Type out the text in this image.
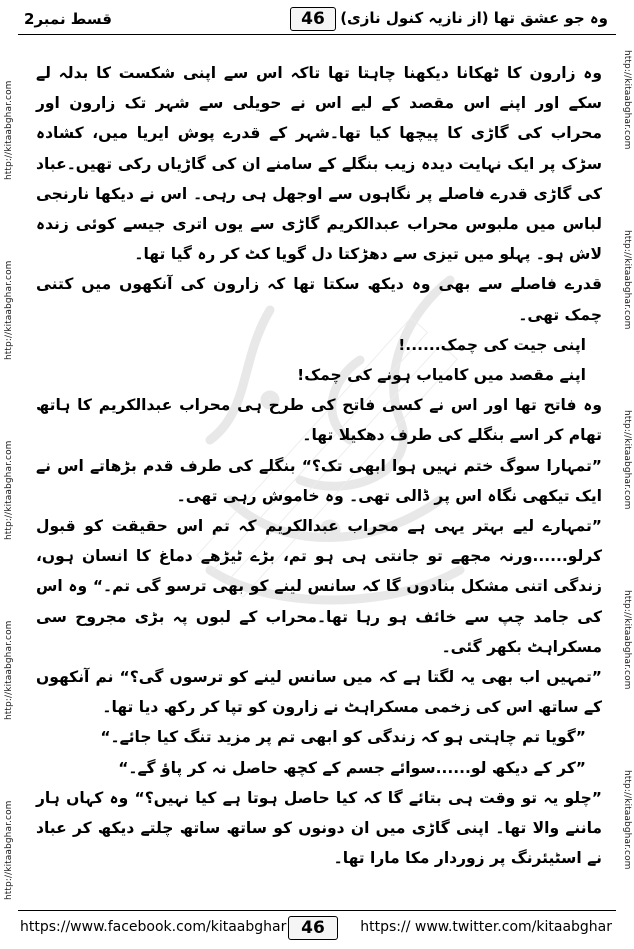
http://kitaabghar.com
http://kitaabghar.com
http://kitaabghar.com
http://kitaabghar.com
http://kitaabghar.com
http://kitaabghar.com
http://kitaabghar.com
http://kitaabghar.com
http://kitaabghar.com
http://kitaabghar.com
قسط نمبر2	46	وہ جو عشق تھا (از نازیہ کنول نازی)

وہ زارون کا ٹھکانا دیکھنا چاہتا تھا تاکہ اس سے اپنی شکست کا بدلہ لے سکے اور اپنے اس مقصد کے لیے اس نے حویلی سے شہر تک زارون اور محراب کی گاڑی کا پیچھا کیا تھا۔شہر کے قدرے پوش ایریا میں، کشادہ سڑک پر ایک نہایت دیدہ زیب بنگلے کے سامنے ان کی گاڑیاں رکی تھیں۔عباد کی گاڑی قدرے فاصلے پر نگاہوں سے اوجھل ہی رہی۔ اس نے دیکھا نارنجی لباس میں ملبوس محراب عبدالکریم گاڑی سے یوں اتری جیسے کوئی زندہ لاش ہو۔ پہلو میں تیزی سے دھڑکتا دل گویا کٹ کر رہ گیا تھا۔

قدرے فاصلے سے بھی وہ دیکھ سکتا تھا کہ زارون کی آنکھوں میں کتنی چمک تھی۔

اپنی جیت کی چمک......!

اپنے مقصد میں کامیاب ہونے کی چمک!

وہ فاتح تھا اور اس نے کسی فاتح کی طرح ہی محراب عبدالکریم کا ہاتھ تھام کر اسے بنگلے کی طرف دھکیلا تھا۔

”تمہارا سوگ ختم نہیں ہوا ابھی تک؟“ بنگلے کی طرف قدم بڑھاتے اس نے ایک تیکھی نگاہ اس پر ڈالی تھی۔ وہ خاموش رہی تھی۔

”تمہارے لیے بہتر یہی ہے محراب عبدالکریم کہ تم اس حقیقت کو قبول کرلو......ورنہ مجھے تو جانتی ہی ہو تم، بڑے ٹیڑھے دماغ کا انسان ہوں، زندگی اتنی مشکل بنادوں گا کہ سانس لینے کو بھی ترسو گی تم۔“ وہ اس کی جامد چپ سے خائف ہو رہا تھا۔محراب کے لبوں پہ بڑی مجروح سی مسکراہٹ بکھر گئی۔

”تمہیں اب بھی یہ لگتا ہے کہ میں سانس لینے کو ترسوں گی؟“ نم آنکھوں کے ساتھ اس کی زخمی مسکراہٹ نے زارون کو تپا کر رکھ دیا تھا۔

”گویا تم چاہتی ہو کہ زندگی کو ابھی تم پر مزید تنگ کیا جائے۔“

”کر کے دیکھ لو......سوائے جسم کے کچھ حاصل نہ کر پاؤ گے۔“

”چلو یہ تو وقت ہی بتائے گا کہ کیا حاصل ہوتا ہے کیا نہیں؟“ وہ کہاں ہار ماننے والا تھا۔ اپنی گاڑی میں ان دونوں کو ساتھ ساتھ چلتے دیکھ کر عباد نے اسٹیئرنگ پر زوردار مکا مارا تھا۔

https://www.facebook.com/kitaabghar 46	https:// www.twitter.com/kitaabghar
